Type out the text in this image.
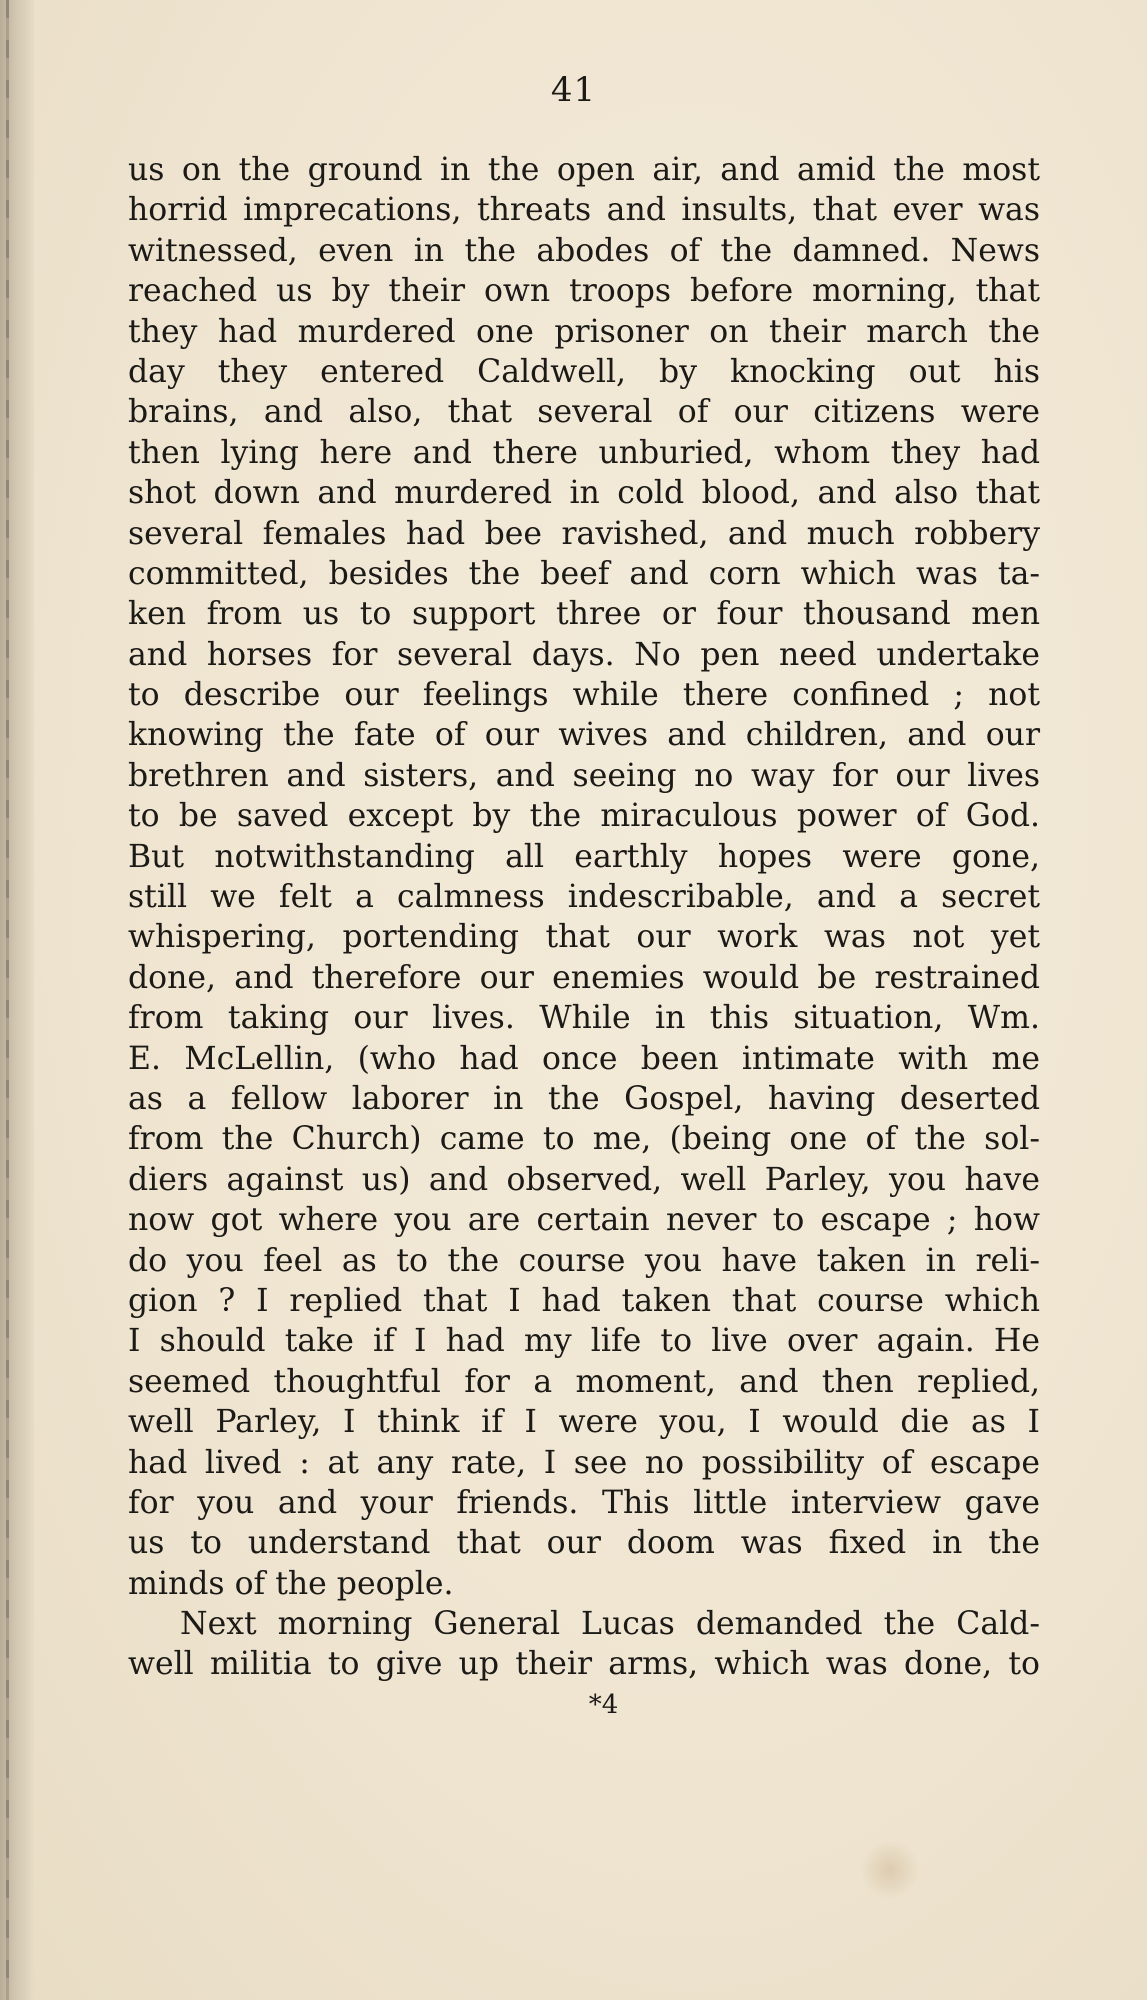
41
us on the ground in the open air, and amid the most
horrid imprecations, threats and insults, that ever was
witnessed, even in the abodes of the damned. News
reached us by their own troops before morning, that
they had murdered one prisoner on their march the
day they entered Caldwell, by knocking out his
brains, and also, that several of our citizens were
then lying here and there unburied, whom they had
shot down and murdered in cold blood, and also that
several females had bee ravished, and much robbery
committed, besides the beef and corn which was ta-
ken from us to support three or four thousand men
and horses for several days. No pen need undertake
to describe our feelings while there confined ; not
knowing the fate of our wives and children, and our
brethren and sisters, and seeing no way for our lives
to be saved except by the miraculous power of God.
But notwithstanding all earthly hopes were gone,
still we felt a calmness indescribable, and a secret
whispering, portending that our work was not yet
done, and therefore our enemies would be restrained
from taking our lives. While in this situation, Wm.
E. McLellin, (who had once been intimate with me
as a fellow laborer in the Gospel, having deserted
from the Church) came to me, (being one of the sol-
diers against us) and observed, well Parley, you have
now got where you are certain never to escape ; how
do you feel as to the course you have taken in reli-
gion ? I replied that I had taken that course which
I should take if I had my life to live over again. He
seemed thoughtful for a moment, and then replied,
well Parley, I think if I were you, I would die as I
had lived : at any rate, I see no possibility of escape
for you and your friends. This little interview gave
us to understand that our doom was fixed in the
minds of the people.
Next morning General Lucas demanded the Cald-
well militia to give up their arms, which was done, to
*4
